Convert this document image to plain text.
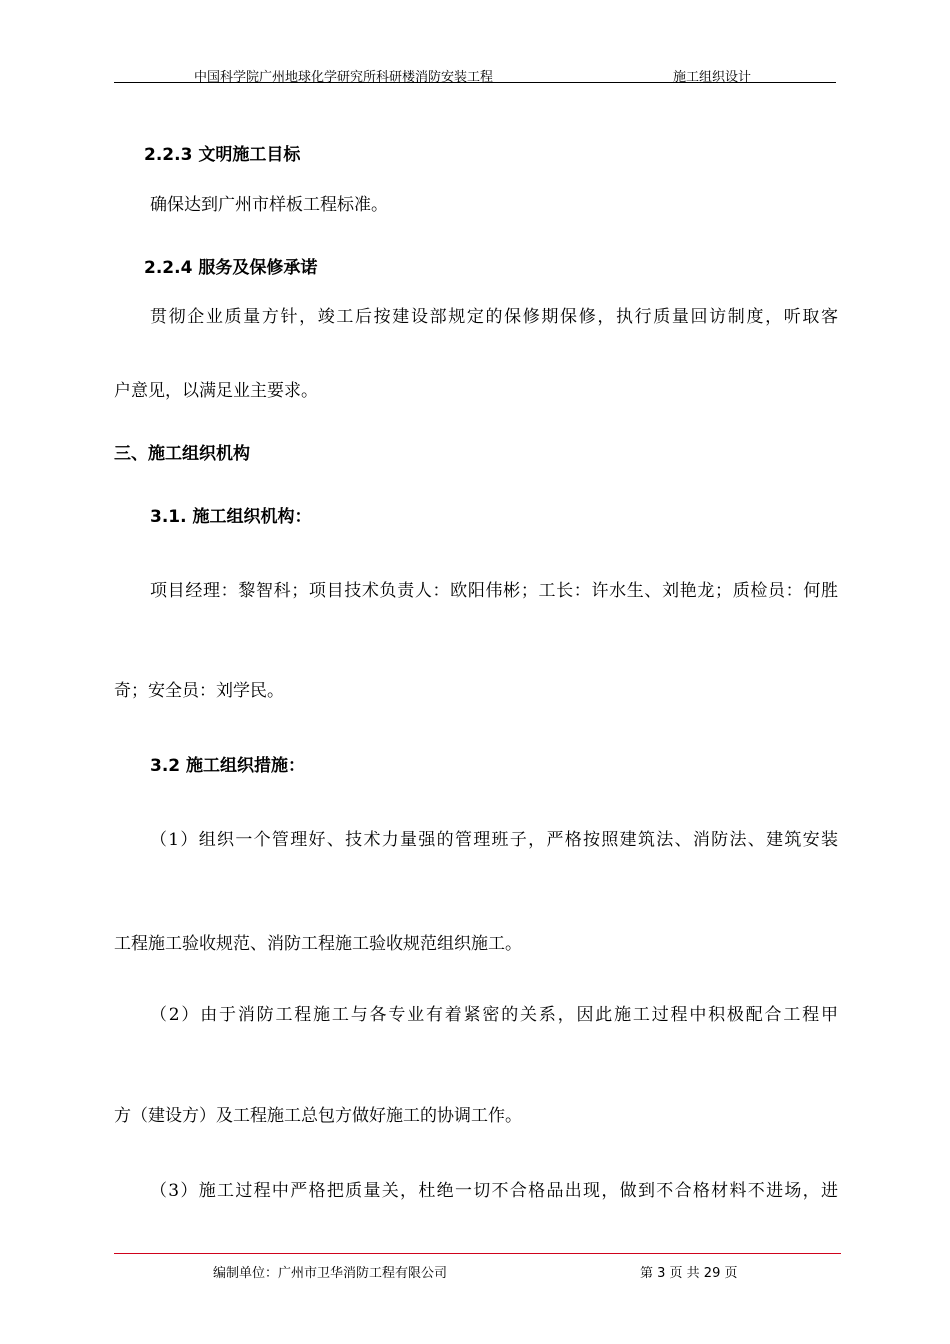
中国科学院广州地球化学研究所科研楼消防安装工程	施工组织设计
2.2.3 文明施工目标
确保达到广州市样板工程标准。
2.2.4 服务及保修承诺
贯彻企业质量方针，竣工后按建设部规定的保修期保修，执行质量回访制度，听取客
户意见，以满足业主要求。
三、施工组织机构
3.1. 施工组织机构：
项目经理：黎智科；项目技术负责人：欧阳伟彬；工长：许水生、刘艳龙；质检员：何胜
奇；安全员：刘学民。
3.2 施工组织措施：
（1）组织一个管理好、技术力量强的管理班子，严格按照建筑法、消防法、建筑安装
工程施工验收规范、消防工程施工验收规范组织施工。
（2）由于消防工程施工与各专业有着紧密的关系，因此施工过程中积极配合工程甲
方（建设方）及工程施工总包方做好施工的协调工作。
（3）施工过程中严格把质量关，杜绝一切不合格品出现，做到不合格材料不进场，进
编制单位：广州市卫华消防工程有限公司	第 3 页 共 29 页
